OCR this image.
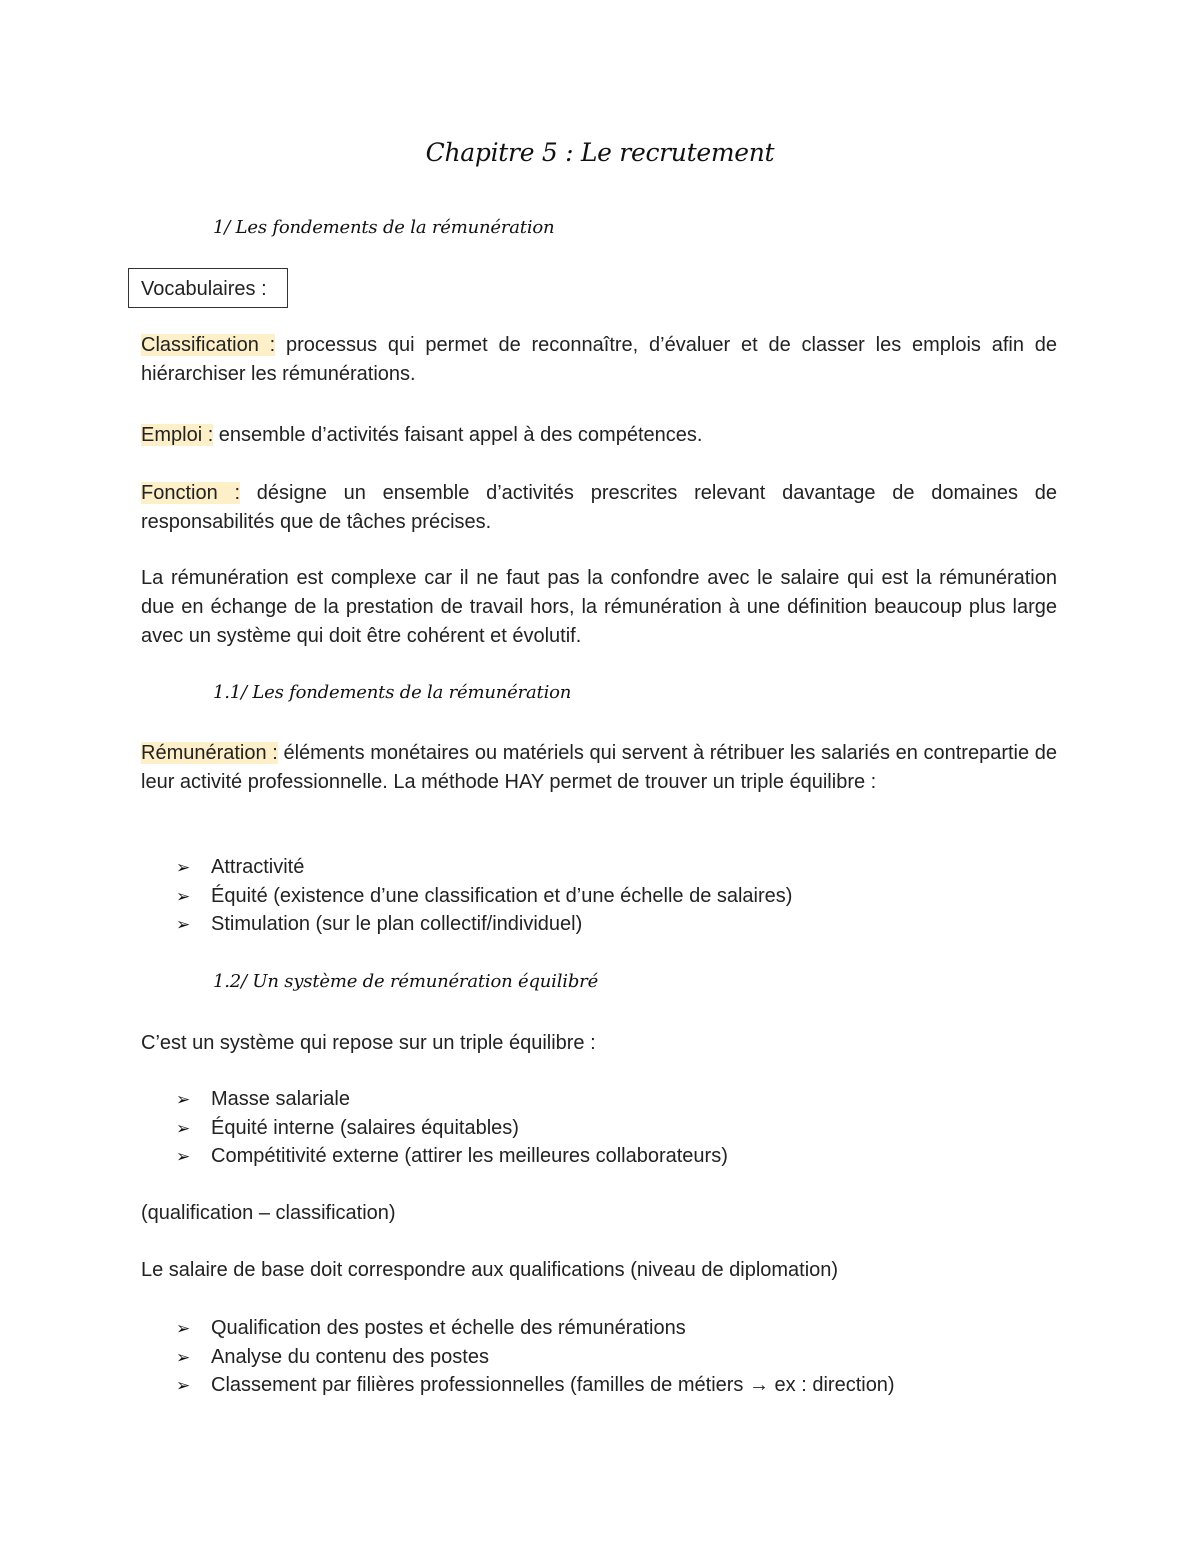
Chapitre 5 : Le recrutement
1/ Les fondements de la rémunération
Vocabulaires :
Classification : processus qui permet de reconnaître, d’évaluer et de classer les emplois afin de hiérarchiser les rémunérations.
Emploi : ensemble d’activités faisant appel à des compétences.
Fonction : désigne un ensemble d’activités prescrites relevant davantage de domaines de responsabilités que de tâches précises.
La rémunération est complexe car il ne faut pas la confondre avec le salaire qui est la rémunération due en échange de la prestation de travail hors, la rémunération à une définition beaucoup plus large avec un système qui doit être cohérent et évolutif.
1.1/ Les fondements de la rémunération
Rémunération : éléments monétaires ou matériels qui servent à rétribuer les salariés en contrepartie de leur activité professionnelle. La méthode HAY permet de trouver un triple équilibre :
➢ Attractivité
➢ Équité (existence d’une classification et d’une échelle de salaires)
➢ Stimulation (sur le plan collectif/individuel)
1.2/ Un système de rémunération équilibré
C’est un système qui repose sur un triple équilibre :
➢ Masse salariale
➢ Équité interne (salaires équitables)
➢ Compétitivité externe (attirer les meilleures collaborateurs)
(qualification – classification)
Le salaire de base doit correspondre aux qualifications (niveau de diplomation)
➢ Qualification des postes et échelle des rémunérations
➢ Analyse du contenu des postes
➢ Classement par filières professionnelles (familles de métiers → ex : direction)
